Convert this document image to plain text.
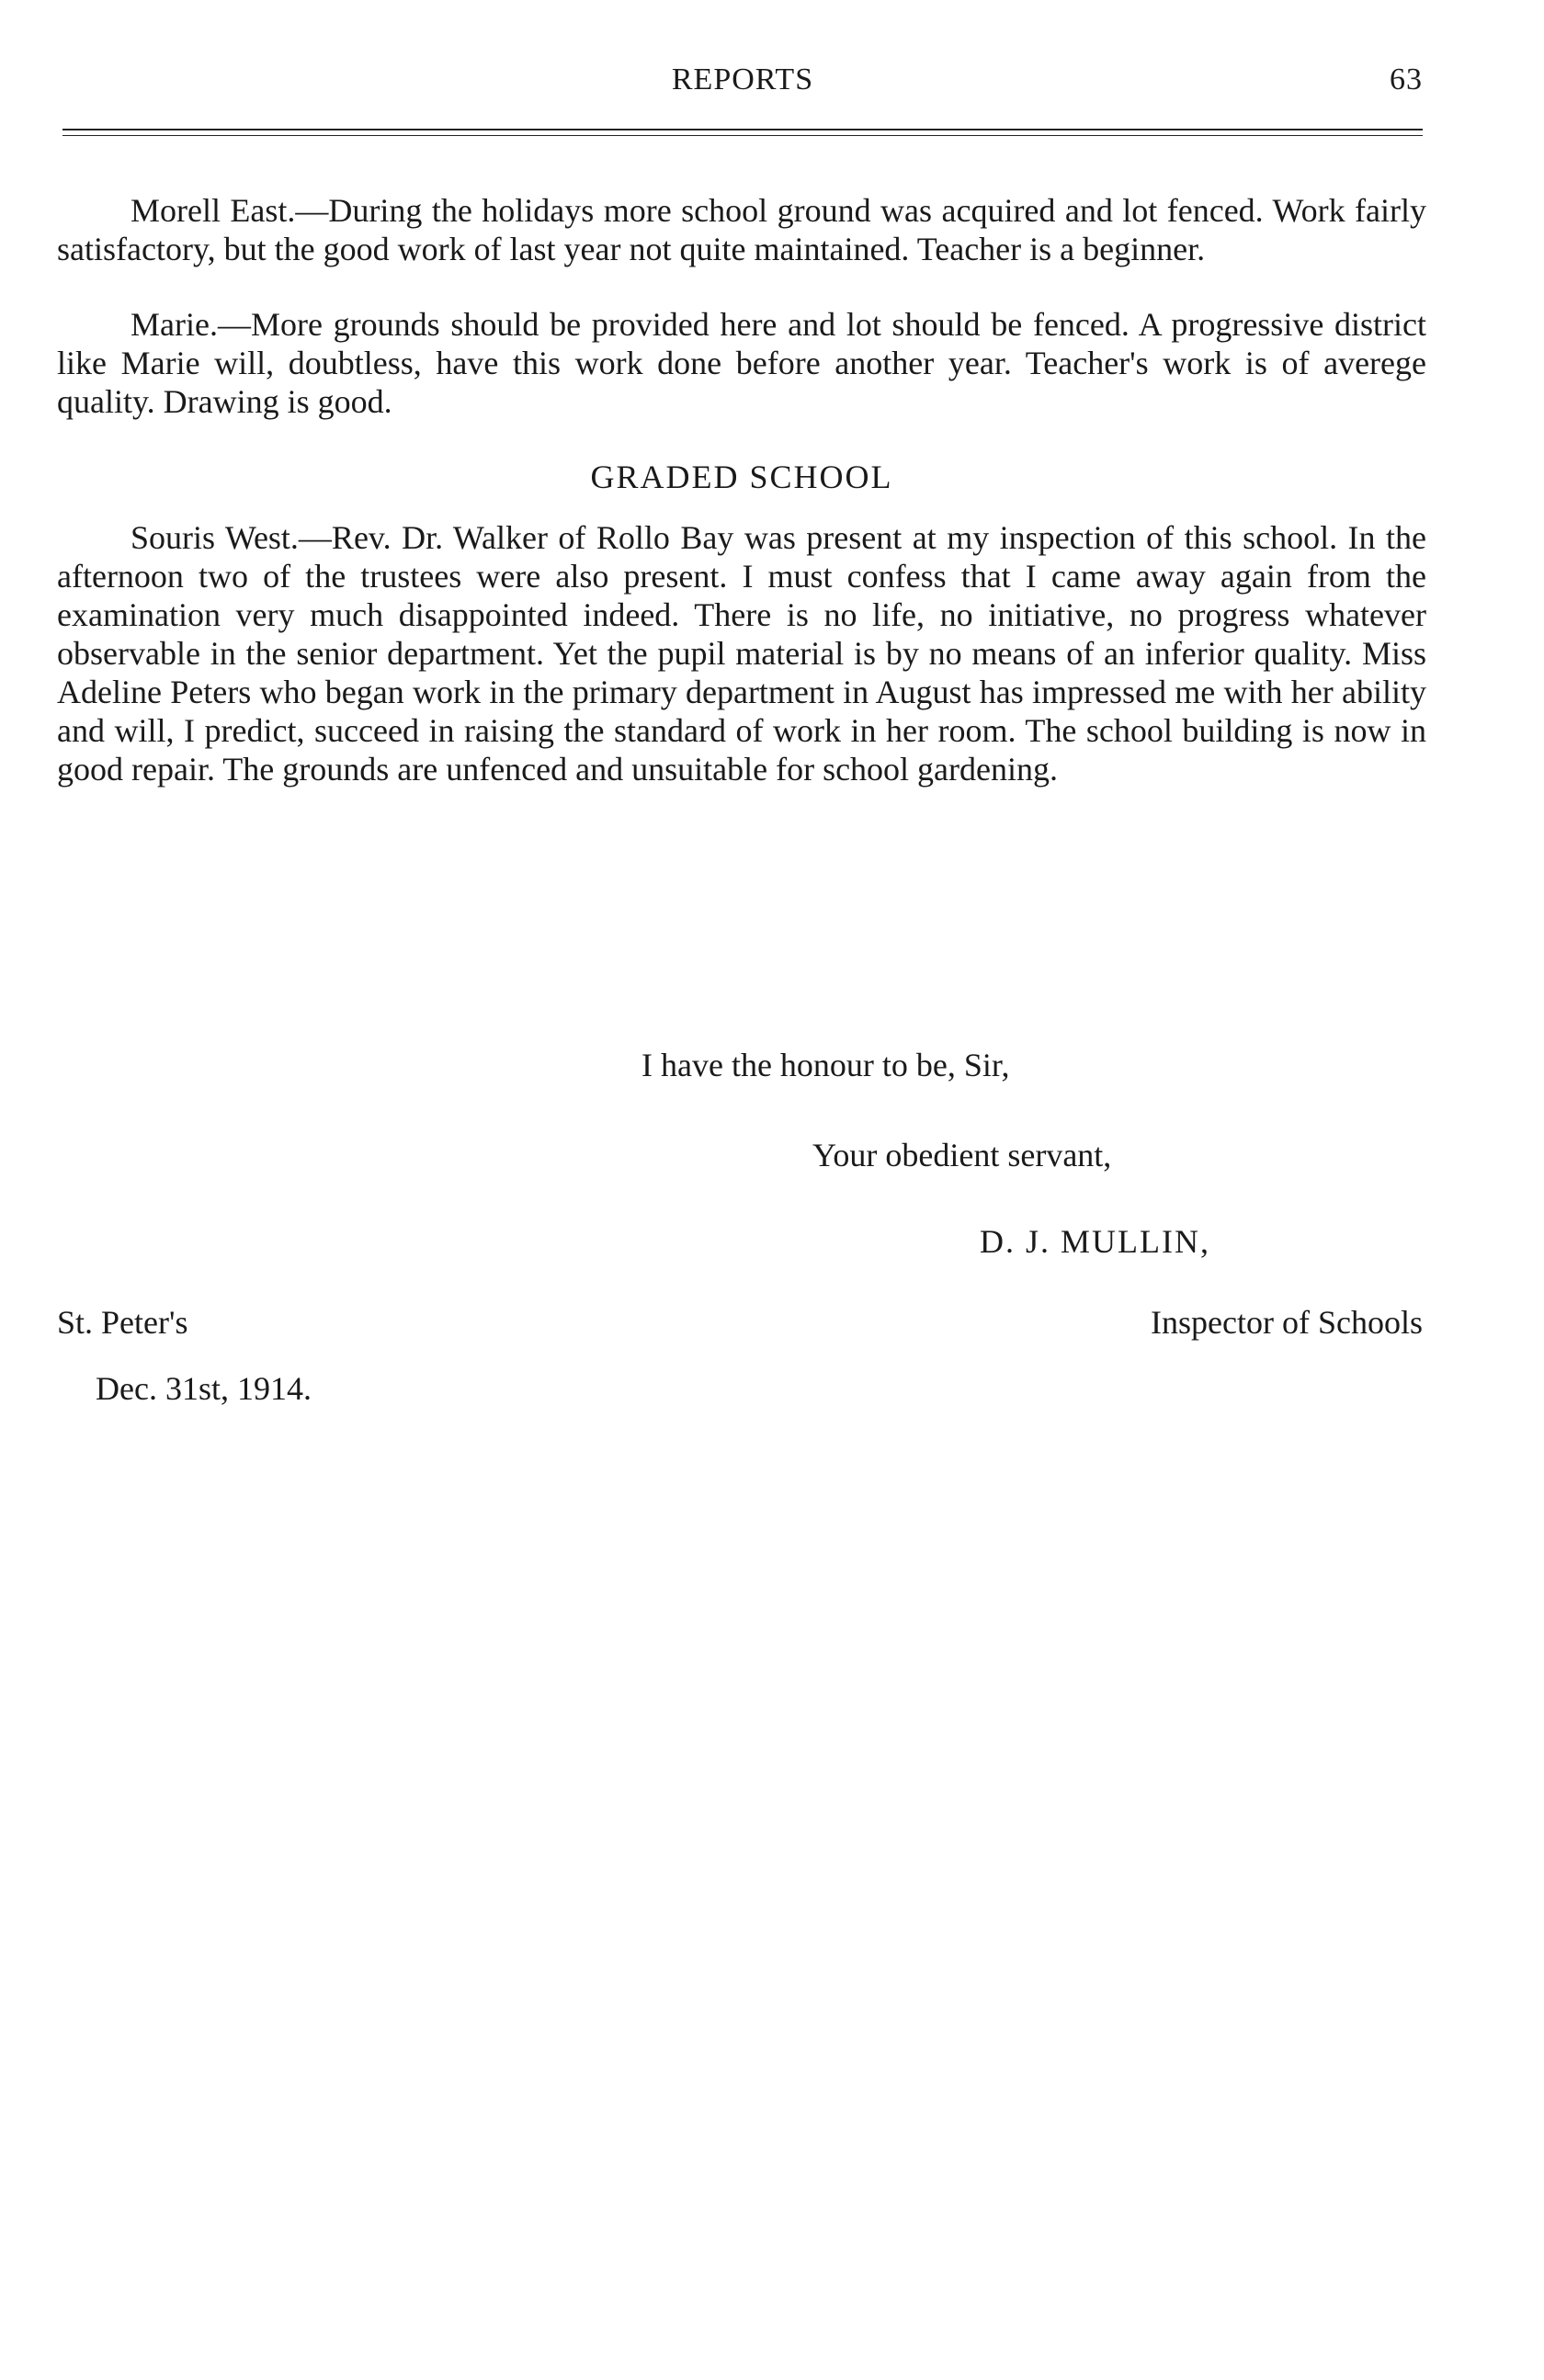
REPORTS	63

Morell East.—During the holidays more school ground was acquired and lot fenced. Work fairly satisfactory, but the good work of last year not quite maintained. Teacher is a beginner.

Marie.—More grounds should be provided here and lot should be fenced. A progressive district like Marie will, doubtless, have this work done before another year. Teacher's work is of averege quality. Drawing is good.

GRADED SCHOOL

Souris West.—Rev. Dr. Walker of Rollo Bay was present at my inspection of this school. In the afternoon two of the trustees were also present. I must confess that I came away again from the examination very much disappointed indeed. There is no life, no initiative, no progress whatever observable in the senior department. Yet the pupil material is by no means of an inferior quality. Miss Adeline Peters who began work in the primary department in August has impressed me with her ability and will, I predict, succeed in raising the standard of work in her room. The school building is now in good repair. The grounds are unfenced and unsuitable for school gardening.

I have the honour to be, Sir,
Your obedient servant,
D. J. MULLIN,
St. Peter's	Inspector of Schools
Dec. 31st, 1914.
